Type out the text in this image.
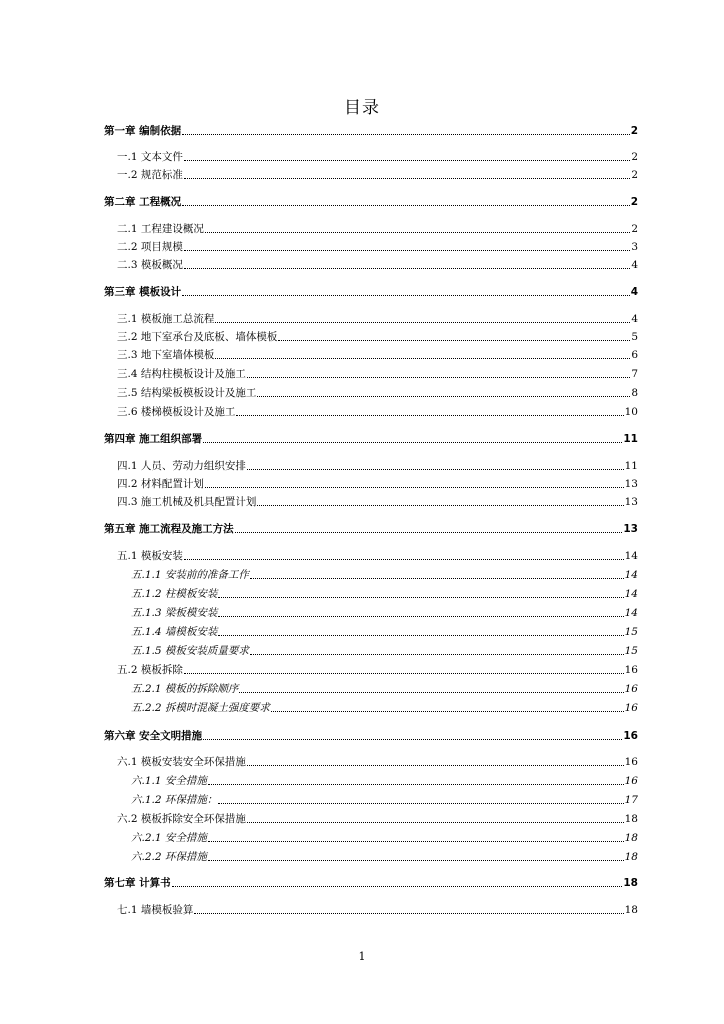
目录
第一章 编制依据	2
一.1 文本文件	2
一.2 规范标准	2
第二章 工程概况	2
二.1 工程建设概况	2
二.2 项目规模	3
二.3 模板概况	4
第三章 模板设计	4
三.1 模板施工总流程	4
三.2 地下室承台及底板、墙体模板	5
三.3 地下室墙体模板	6
三.4 结构柱模板设计及施工	7
三.5 结构梁板模板设计及施工	8
三.6 楼梯模板设计及施工	10
第四章 施工组织部署	11
四.1 人员、劳动力组织安排	11
四.2 材料配置计划	13
四.3 施工机械及机具配置计划	13
第五章 施工流程及施工方法	13
五.1 模板安装	14
五.1.1 安装前的准备工作	14
五.1.2 柱模板安装	14
五.1.3 梁板模安装	14
五.1.4 墙模板安装	15
五.1.5 模板安装质量要求	15
五.2 模板拆除	16
五.2.1 模板的拆除顺序	16
五.2.2 拆模时混凝土强度要求	16
第六章 安全文明措施	16
六.1 模板安装安全环保措施	16
六.1.1 安全措施	16
六.1.2 环保措施：	17
六.2 模板拆除安全环保措施	18
六.2.1 安全措施	18
六.2.2 环保措施	18
第七章 计算书	18
七.1 墙模板验算	18
1
